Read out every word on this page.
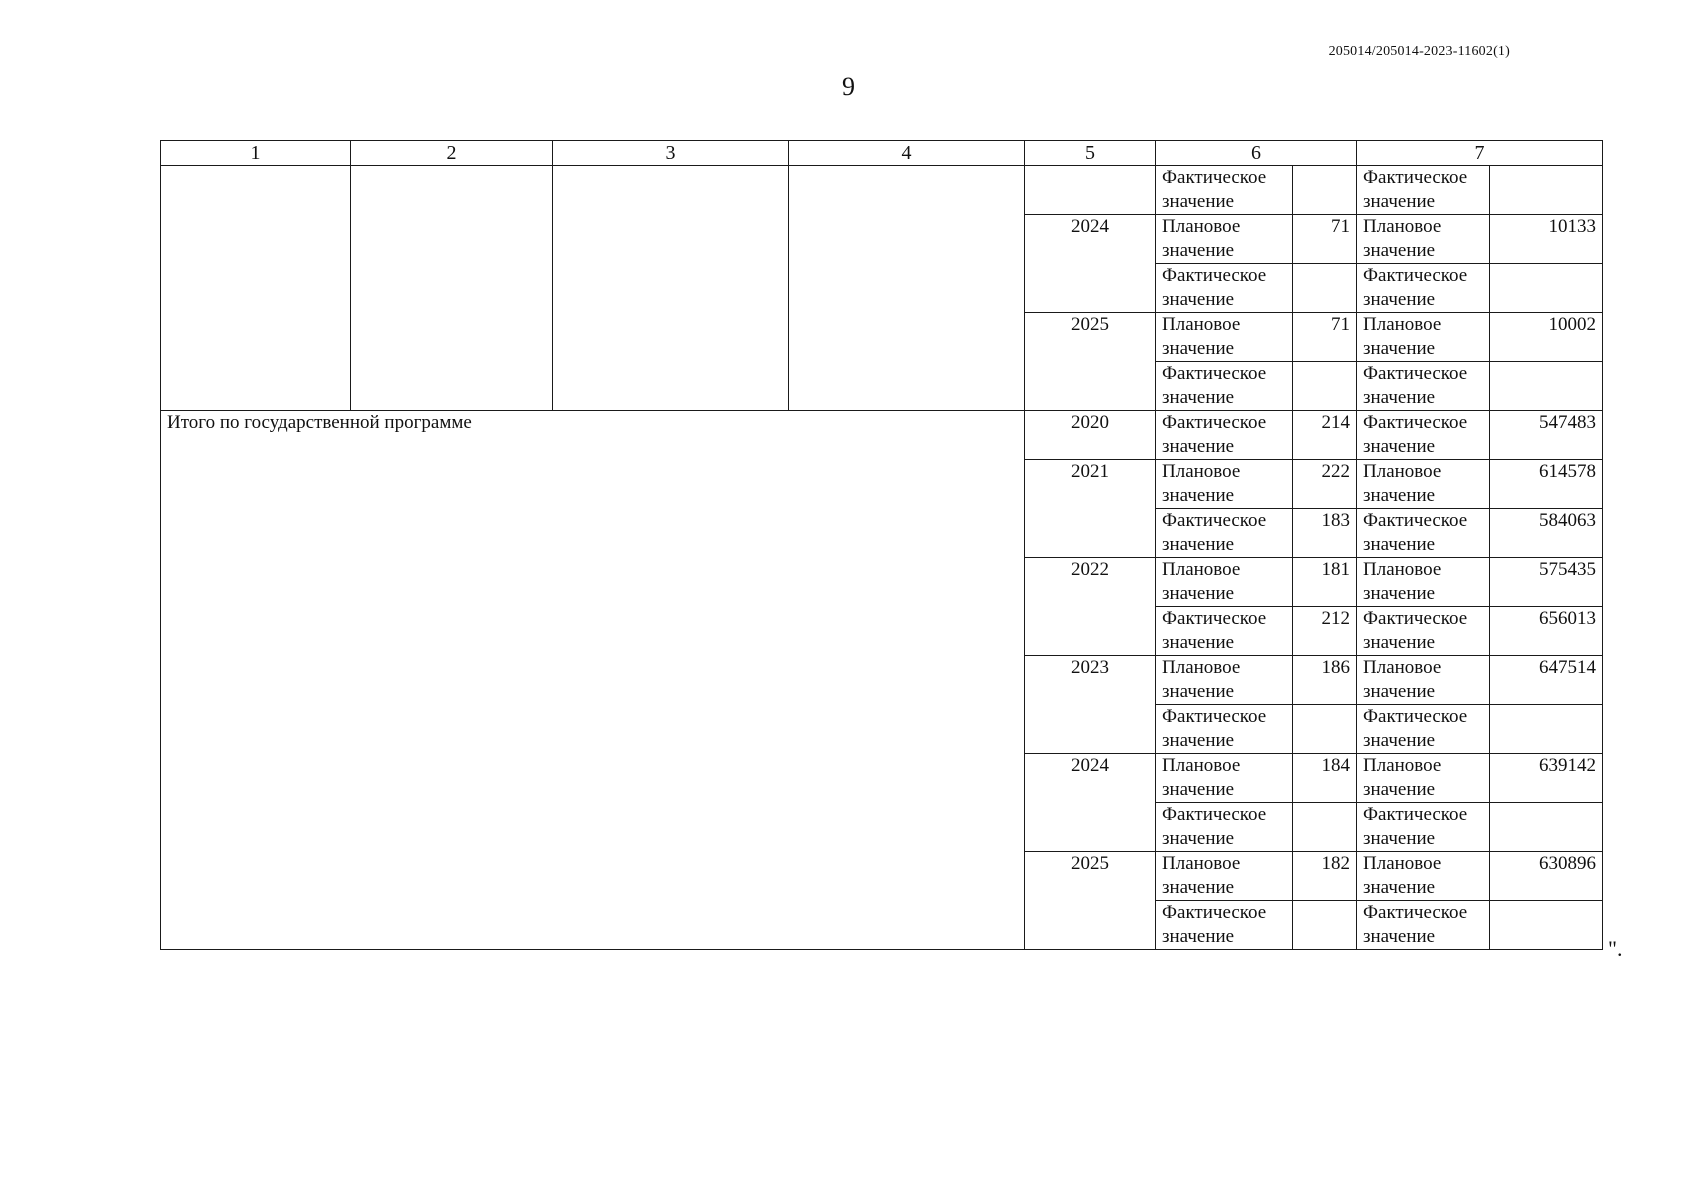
205014/205014-2023-11602(1)
9
1	2	3	4	5	6		7	
					Фактическое значение		Фактическое значение	
				2024	Плановое значение	71	Плановое значение	10133
					Фактическое значение		Фактическое значение	
				2025	Плановое значение	71	Плановое значение	10002
					Фактическое значение		Фактическое значение	
Итого по государственной программе				2020	Фактическое значение	214	Фактическое значение	547483
				2021	Плановое значение	222	Плановое значение	614578
					Фактическое значение	183	Фактическое значение	584063
				2022	Плановое значение	181	Плановое значение	575435
					Фактическое значение	212	Фактическое значение	656013
				2023	Плановое значение	186	Плановое значение	647514
					Фактическое значение		Фактическое значение	
				2024	Плановое значение	184	Плановое значение	639142
					Фактическое значение		Фактическое значение	
				2025	Плановое значение	182	Плановое значение	630896
					Фактическое значение		Фактическое значение		".
